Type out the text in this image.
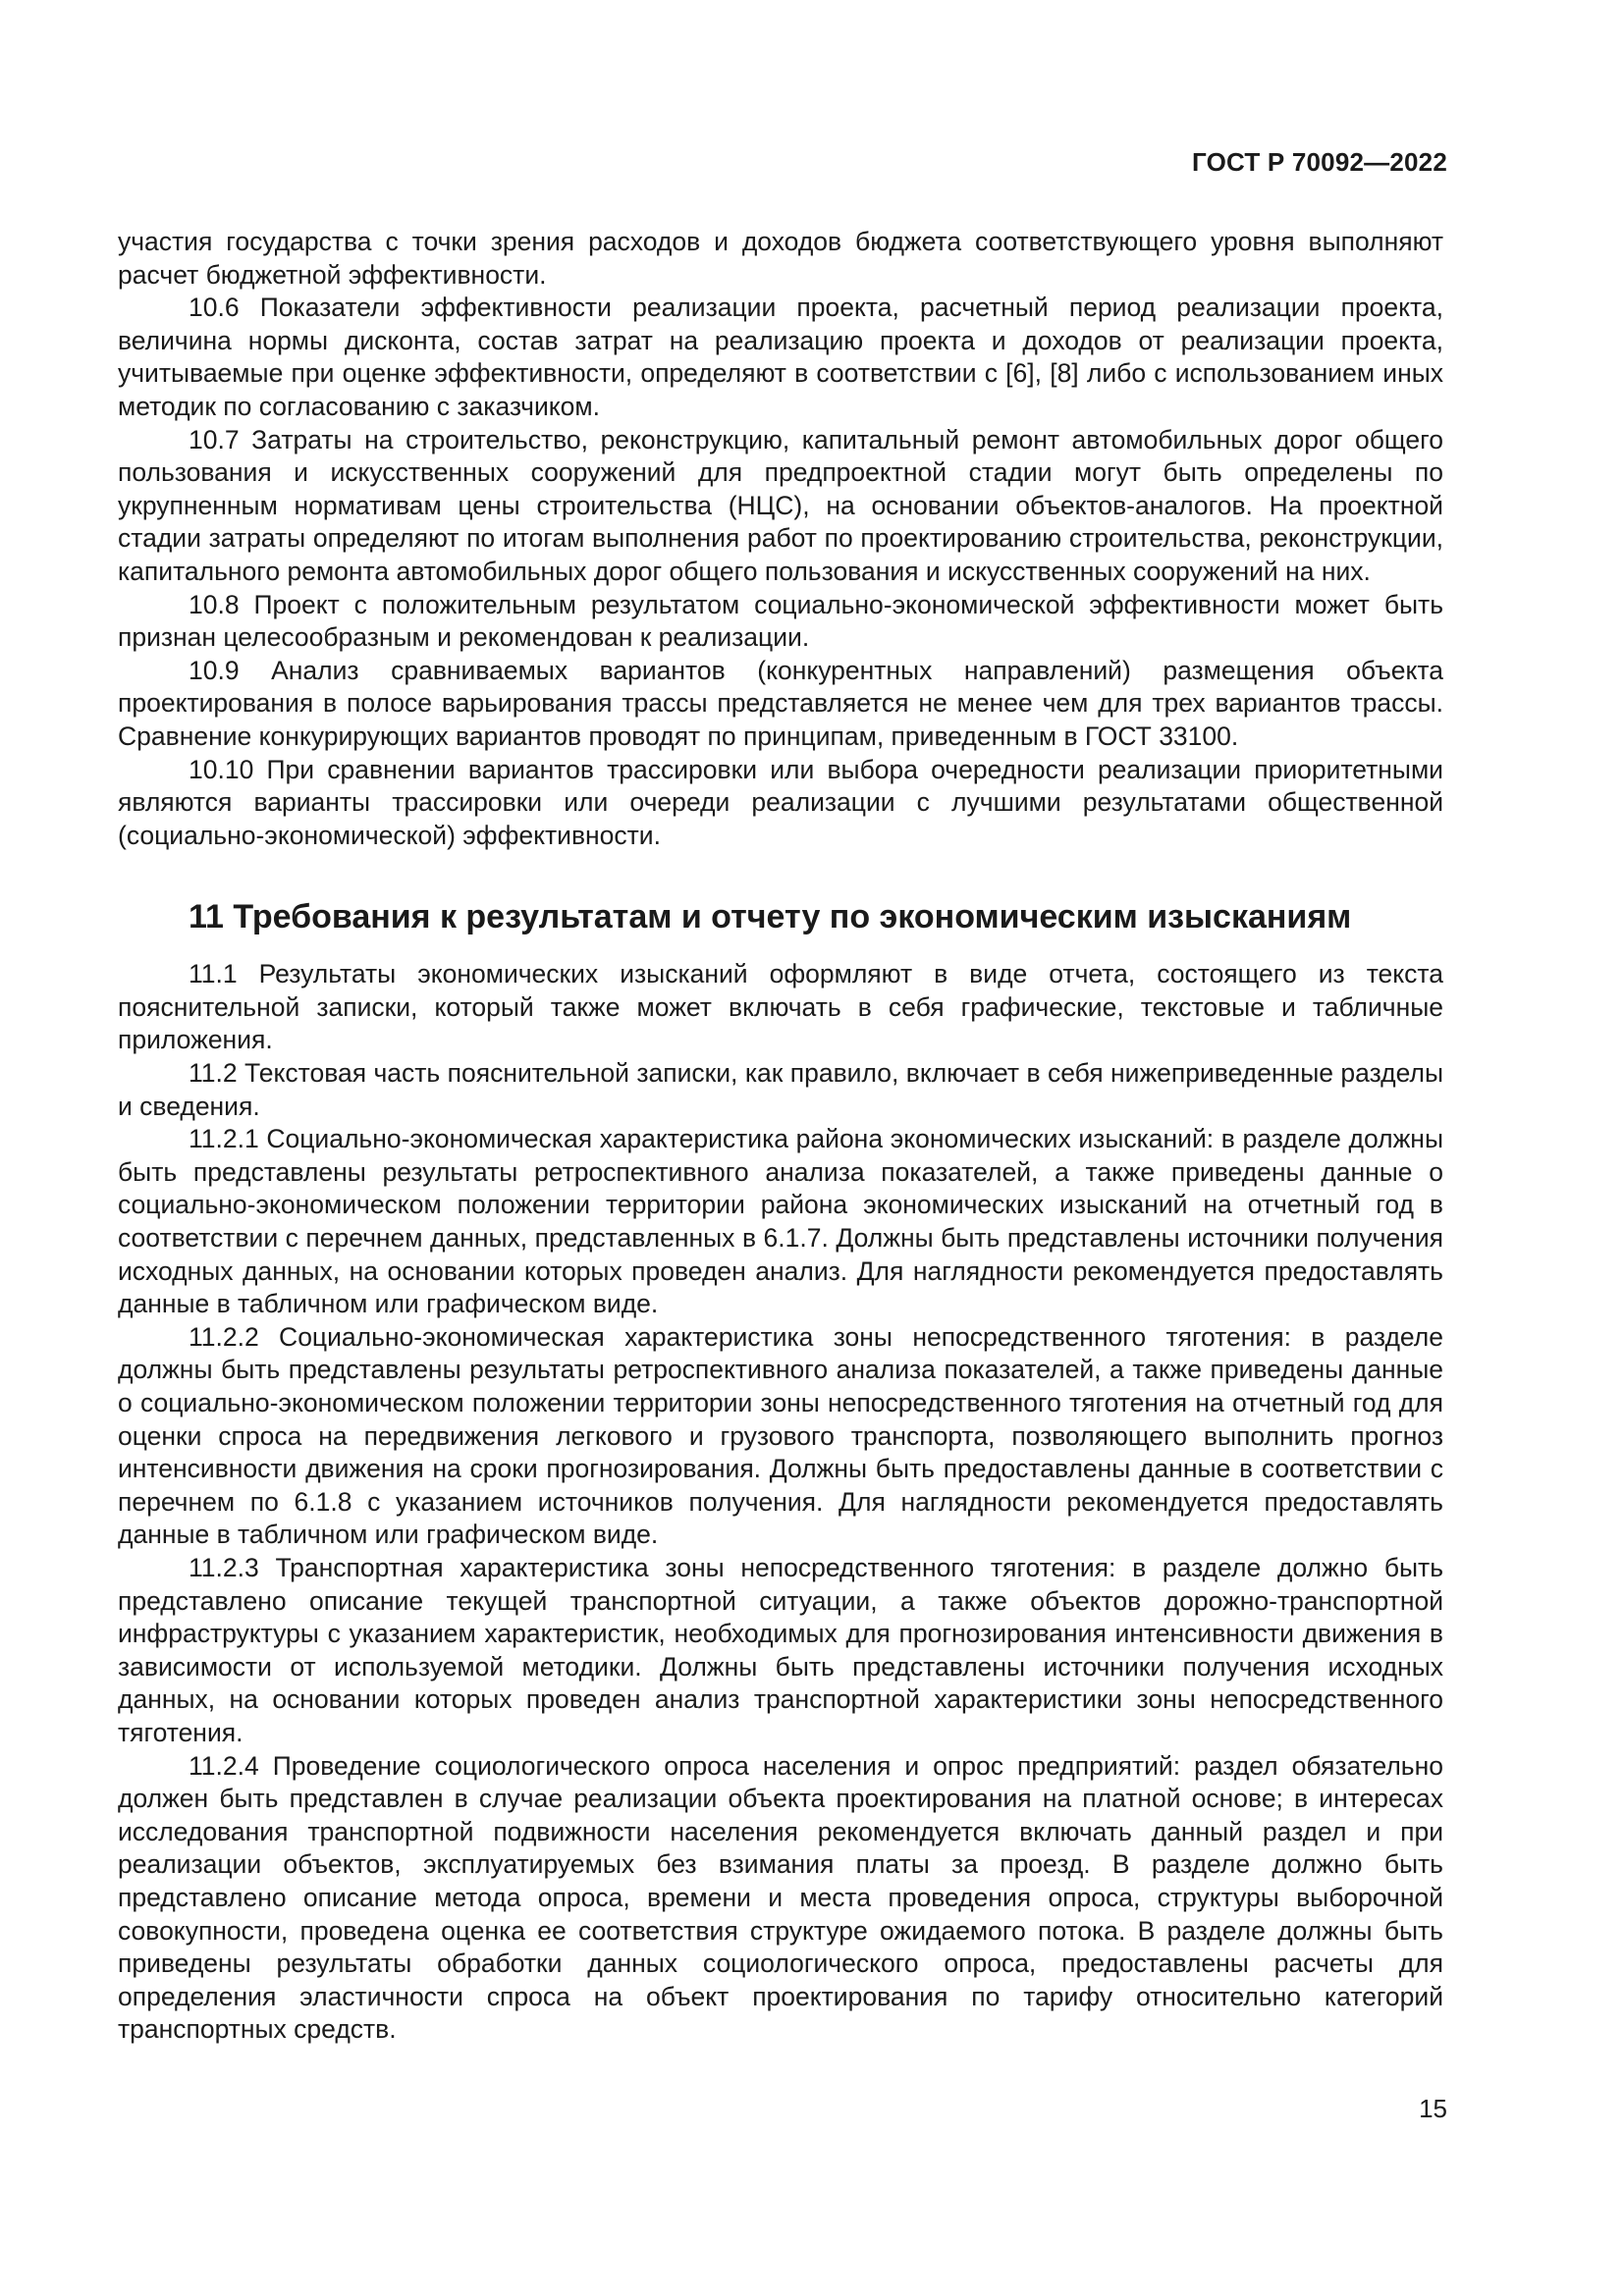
ГОСТ Р 70092—2022

участия государства с точки зрения расходов и доходов бюджета соответствующего уровня выполняют расчет бюджетной эффективности.

10.6 Показатели эффективности реализации проекта, расчетный период реализации проекта, величина нормы дисконта, состав затрат на реализацию проекта и доходов от реализации проекта, учитываемые при оценке эффективности, определяют в соответствии с [6], [8] либо с использованием иных методик по согласованию с заказчиком.

10.7 Затраты на строительство, реконструкцию, капитальный ремонт автомобильных дорог общего пользования и искусственных сооружений для предпроектной стадии могут быть определены по укрупненным нормативам цены строительства (НЦС), на основании объектов-аналогов. На проектной стадии затраты определяют по итогам выполнения работ по проектированию строительства, реконструкции, капитального ремонта автомобильных дорог общего пользования и искусственных сооружений на них.

10.8 Проект с положительным результатом социально-экономической эффективности может быть признан целесообразным и рекомендован к реализации.

10.9 Анализ сравниваемых вариантов (конкурентных направлений) размещения объекта проектирования в полосе варьирования трассы представляется не менее чем для трех вариантов трассы. Сравнение конкурирующих вариантов проводят по принципам, приведенным в ГОСТ 33100.

10.10 При сравнении вариантов трассировки или выбора очередности реализации приоритетными являются варианты трассировки или очереди реализации с лучшими результатами общественной (социально-экономической) эффективности.

11 Требования к результатам и отчету по экономическим изысканиям

11.1 Результаты экономических изысканий оформляют в виде отчета, состоящего из текста пояснительной записки, который также может включать в себя графические, текстовые и табличные приложения.

11.2 Текстовая часть пояснительной записки, как правило, включает в себя нижеприведенные разделы и сведения.

11.2.1 Социально-экономическая характеристика района экономических изысканий: в разделе должны быть представлены результаты ретроспективного анализа показателей, а также приведены данные о социально-экономическом положении территории района экономических изысканий на отчетный год в соответствии с перечнем данных, представленных в 6.1.7. Должны быть представлены источники получения исходных данных, на основании которых проведен анализ. Для наглядности рекомендуется предоставлять данные в табличном или графическом виде.

11.2.2 Социально-экономическая характеристика зоны непосредственного тяготения: в разделе должны быть представлены результаты ретроспективного анализа показателей, а также приведены данные о социально-экономическом положении территории зоны непосредственного тяготения на отчетный год для оценки спроса на передвижения легкового и грузового транспорта, позволяющего выполнить прогноз интенсивности движения на сроки прогнозирования. Должны быть предоставлены данные в соответствии с перечнем по 6.1.8 с указанием источников получения. Для наглядности рекомендуется предоставлять данные в табличном или графическом виде.

11.2.3 Транспортная характеристика зоны непосредственного тяготения: в разделе должно быть представлено описание текущей транспортной ситуации, а также объектов дорожно-транспортной инфраструктуры с указанием характеристик, необходимых для прогнозирования интенсивности движения в зависимости от используемой методики. Должны быть представлены источники получения исходных данных, на основании которых проведен анализ транспортной характеристики зоны непосредственного тяготения.

11.2.4 Проведение социологического опроса населения и опрос предприятий: раздел обязательно должен быть представлен в случае реализации объекта проектирования на платной основе; в интересах исследования транспортной подвижности населения рекомендуется включать данный раздел и при реализации объектов, эксплуатируемых без взимания платы за проезд. В разделе должно быть представлено описание метода опроса, времени и места проведения опроса, структуры выборочной совокупности, проведена оценка ее соответствия структуре ожидаемого потока. В разделе должны быть приведены результаты обработки данных социологического опроса, предоставлены расчеты для определения эластичности спроса на объект проектирования по тарифу относительно категорий транспортных средств.

15
